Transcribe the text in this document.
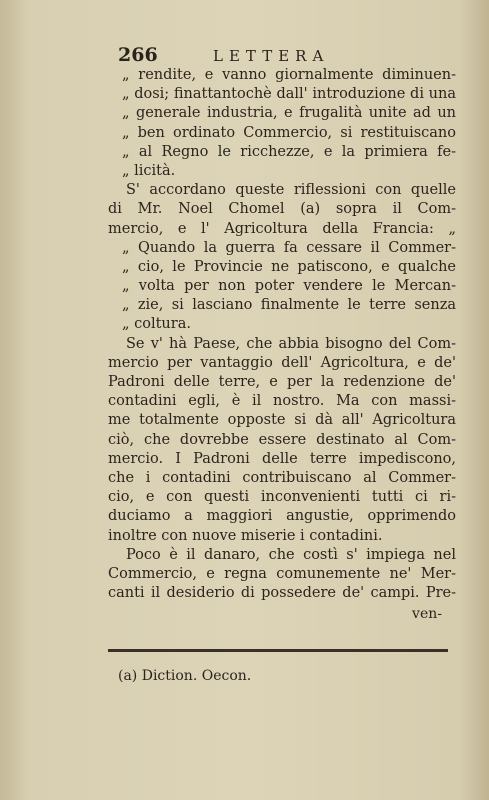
266	LETTERA
„ rendite, e vanno giornalmente diminuen-
„ dosi; finattantochè dall' introduzione di una
„ generale industria, e frugalità unite ad un
„ ben ordinato Commercio, si restituiscano
„ al Regno le ricchezze, e la primiera fe-
„ licità.
S' accordano queste riflessioni con quelle
di Mr. Noel Chomel (a) sopra il Com-
mercio, e l' Agricoltura della Francia: „
„ Quando la guerra fa cessare il Commer-
„ cio, le Provincie ne patiscono, e qualche
„ volta per non poter vendere le Mercan-
„ zie, si lasciano finalmente le terre senza
„ coltura.
Se v' hà Paese, che abbia bisogno del Com-
mercio per vantaggio dell' Agricoltura, e de'
Padroni delle terre, e per la redenzione de'
contadini egli, è il nostro. Ma con massi-
me totalmente opposte si dà all' Agricoltura
ciò, che dovrebbe essere destinato al Com-
mercio. I Padroni delle terre impediscono,
che i contadini contribuiscano al Commer-
cio, e con questi inconvenienti tutti ci ri-
duciamo a maggiori angustie, opprimendo
inoltre con nuove miserie i contadini.
Poco è il danaro, che costì s' impiega nel
Commercio, e regna comunemente ne' Mer-
canti il desiderio di possedere de' campi. Pre-
ven-
(a) Diction. Oecon.
